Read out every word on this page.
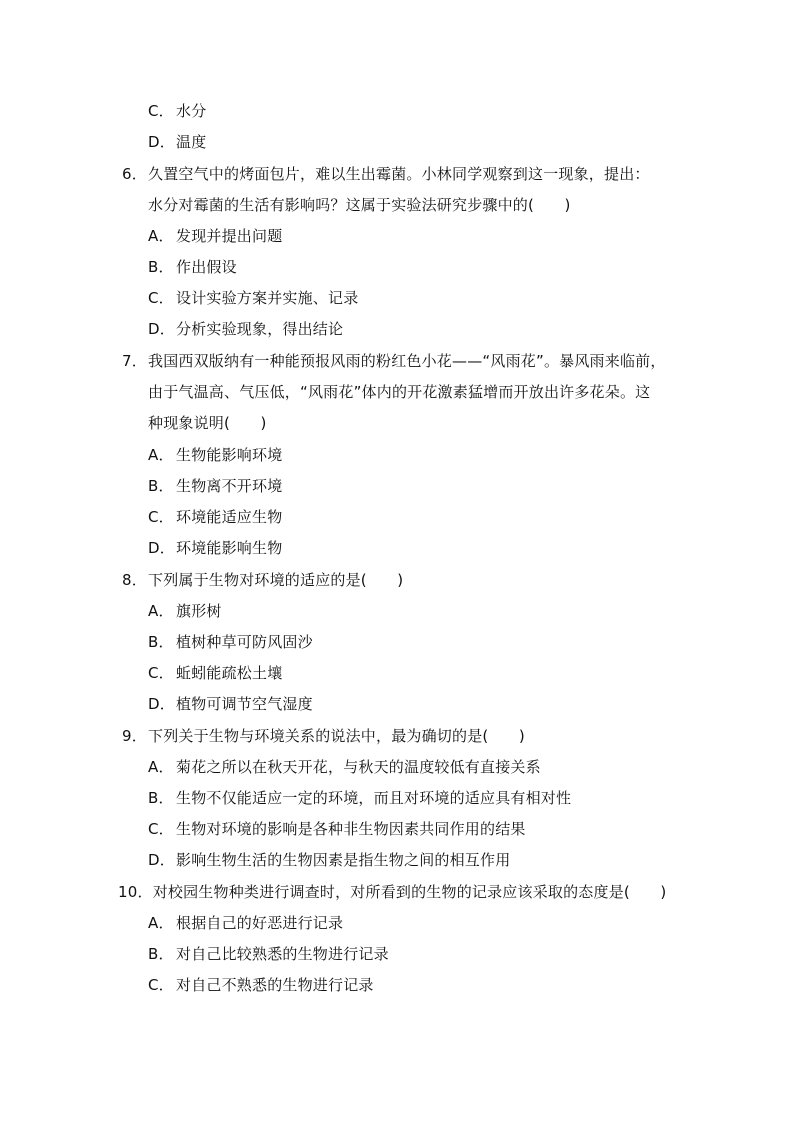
C． 水分
D．温度
6．久置空气中的烤面包片，难以生出霉菌。小林同学观察到这一现象，提出：
水分对霉菌的生活有影响吗？这属于实验法研究步骤中的(　　)
A． 发现并提出问题
B． 作出假设
C． 设计实验方案并实施、记录
D．分析实验现象，得出结论
7．我国西双版纳有一种能预报风雨的粉红色小花——“风雨花”。暴风雨来临前，
由于气温高、气压低，“风雨花”体内的开花激素猛增而开放出许多花朵。这
种现象说明(　　)
A． 生物能影响环境
B． 生物离不开环境
C． 环境能适应生物
D．环境能影响生物
8．下列属于生物对环境的适应的是(　　)
A． 旗形树
B． 植树种草可防风固沙
C． 蚯蚓能疏松土壤
D．植物可调节空气湿度
9．下列关于生物与环境关系的说法中，最为确切的是(　　)
A． 菊花之所以在秋天开花，与秋天的温度较低有直接关系
B． 生物不仅能适应一定的环境，而且对环境的适应具有相对性
C． 生物对环境的影响是各种非生物因素共同作用的结果
D．影响生物生活的生物因素是指生物之间的相互作用
10．对校园生物种类进行调查时，对所看到的生物的记录应该采取的态度是(　　)
A． 根据自己的好恶进行记录
B． 对自己比较熟悉的生物进行记录
C． 对自己不熟悉的生物进行记录
